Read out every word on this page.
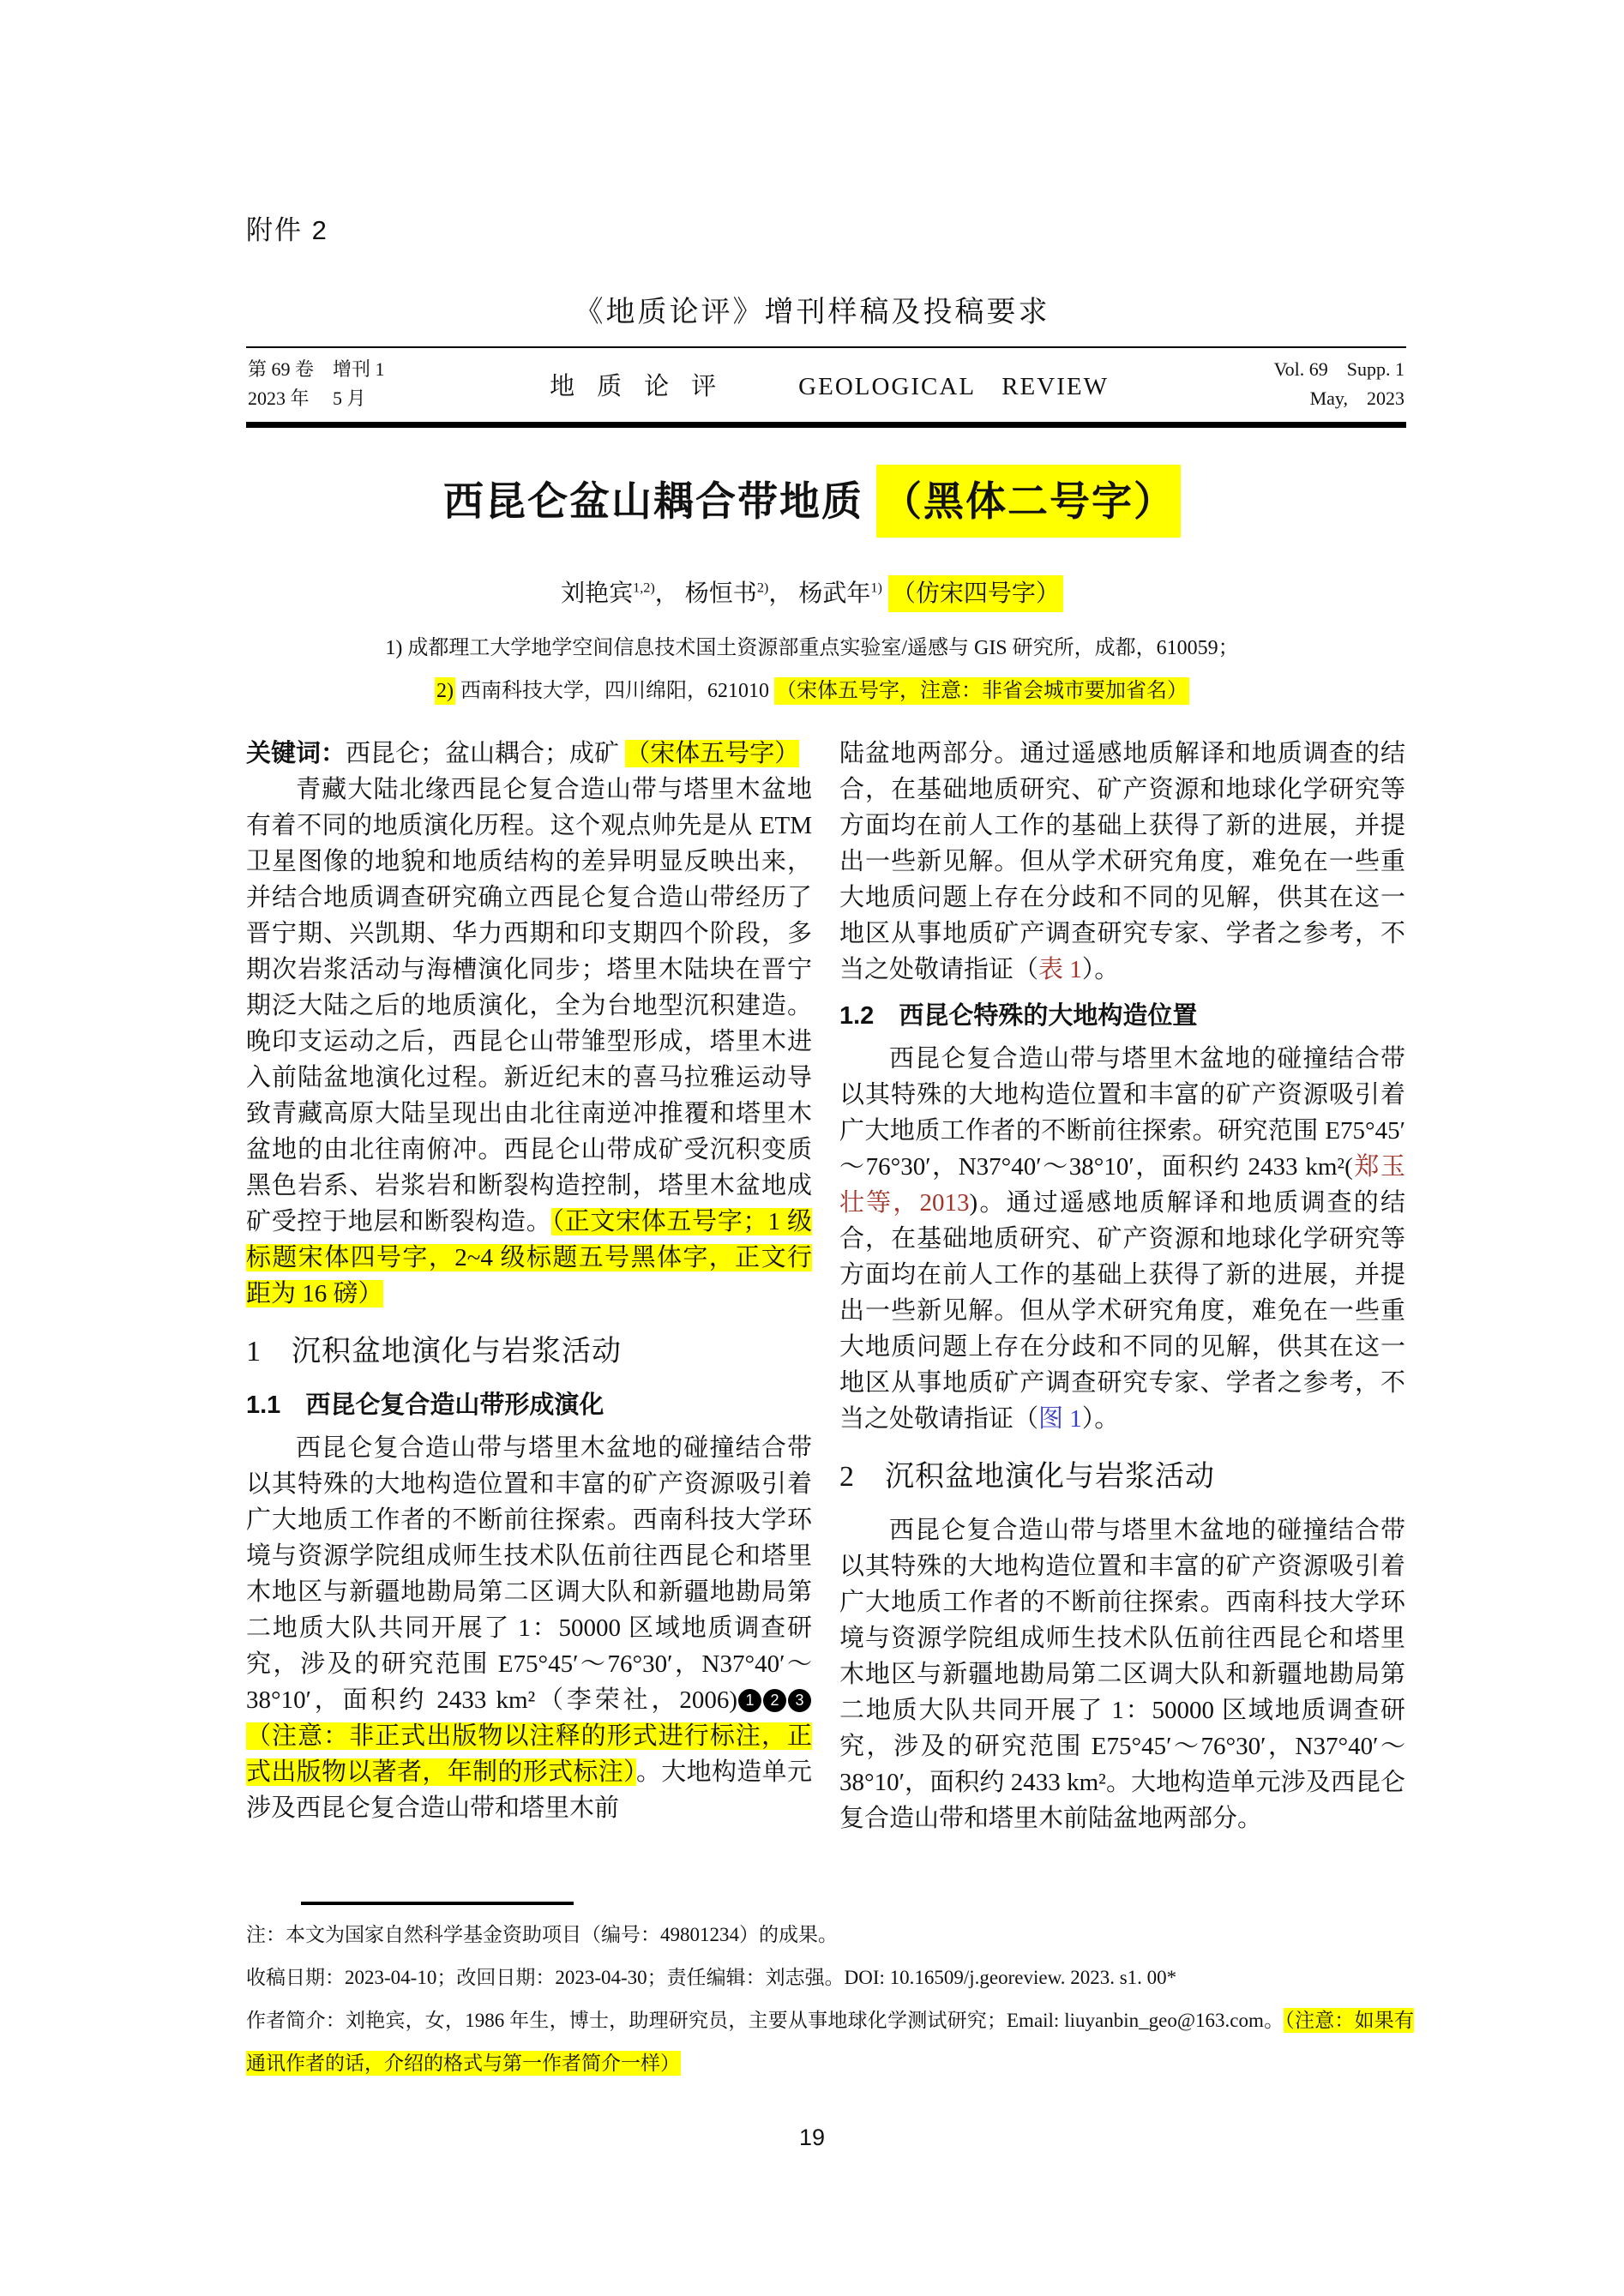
附件 2
《地质论评》增刊样稿及投稿要求
第 69 卷　增刊 1
2023 年　 5 月	地质论评 GEOLOGICAL REVIEW
Vol. 69　Supp. 1
May,　2023
西昆仑盆山耦合带地质 （黑体二号字）
刘艳宾$^{1,2)}$， 杨恒书$^{2)}$， 杨武年$^{1)}$ （仿宋四号字）
1) 成都理工大学地学空间信息技术国土资源部重点实验室/遥感与 GIS 研究所，成都，610059；
2) 西南科技大学，四川绵阳，621010 （宋体五号字，注意：非省会城市要加省名）

关键词：西昆仑；盆山耦合；成矿 （宋体五号字）

青藏大陆北缘西昆仑复合造山带与塔里木盆地有着不同的地质演化历程。这个观点帅先是从 ETM 卫星图像的地貌和地质结构的差异明显反映出来，并结合地质调查研究确立西昆仑复合造山带经历了晋宁期、兴凯期、华力西期和印支期四个阶段，多期次岩浆活动与海槽演化同步；塔里木陆块在晋宁期泛大陆之后的地质演化，全为台地型沉积建造。晚印支运动之后，西昆仑山带雏型形成，塔里木进入前陆盆地演化过程。新近纪末的喜马拉雅运动导致青藏高原大陆呈现出由北往南逆冲推覆和塔里木盆地的由北往南俯冲。西昆仑山带成矿受沉积变质黑色岩系、岩浆岩和断裂构造控制，塔里木盆地成矿受控于地层和断裂构造。（正文宋体五号字；1 级标题宋体四号字，2~4 级标题五号黑体字，正文行距为 16 磅）

1　沉积盆地演化与岩浆活动
1.1　西昆仑复合造山带形成演化

西昆仑复合造山带与塔里木盆地的碰撞结合带以其特殊的大地构造位置和丰富的矿产资源吸引着广大地质工作者的不断前往探索。西南科技大学环境与资源学院组成师生技术队伍前往西昆仑和塔里木地区与新疆地勘局第二区调大队和新疆地勘局第二地质大队共同开展了 1：50000 区域地质调查研究，涉及的研究范围 E75°45′～76°30′，N37°40′～38°10′，面积约 2433 km²（李荣社，2006) 1 2 3（注意：非正式出版物以注释的形式进行标注，正式出版物以著者，年制的形式标注）。大地构造单元涉及西昆仑复合造山带和塔里木前

陆盆地两部分。通过遥感地质解译和地质调查的结合，在基础地质研究、矿产资源和地球化学研究等方面均在前人工作的基础上获得了新的进展，并提出一些新见解。但从学术研究角度，难免在一些重大地质问题上存在分歧和不同的见解，供其在这一地区从事地质矿产调查研究专家、学者之参考，不当之处敬请指证（表 1）。

1.2　西昆仑特殊的大地构造位置

西昆仑复合造山带与塔里木盆地的碰撞结合带以其特殊的大地构造位置和丰富的矿产资源吸引着广大地质工作者的不断前往探索。研究范围 E75°45′～76°30′，N37°40′～38°10′，面积约 2433 km²(郑玉壮等，2013)。通过遥感地质解译和地质调查的结合，在基础地质研究、矿产资源和地球化学研究等方面均在前人工作的基础上获得了新的进展，并提出一些新见解。但从学术研究角度，难免在一些重大地质问题上存在分歧和不同的见解，供其在这一地区从事地质矿产调查研究专家、学者之参考，不当之处敬请指证（图 1）。

2　沉积盆地演化与岩浆活动

西昆仑复合造山带与塔里木盆地的碰撞结合带以其特殊的大地构造位置和丰富的矿产资源吸引着广大地质工作者的不断前往探索。西南科技大学环境与资源学院组成师生技术队伍前往西昆仑和塔里木地区与新疆地勘局第二区调大队和新疆地勘局第二地质大队共同开展了 1：50000 区域地质调查研究，涉及的研究范围 E75°45′～76°30′，N37°40′～38°10′，面积约 2433 km²。大地构造单元涉及西昆仑复合造山带和塔里木前陆盆地两部分。

注：本文为国家自然科学基金资助项目（编号：49801234）的成果。
收稿日期：2023-04-10；改回日期：2023-04-30；责任编辑：刘志强。DOI: 10.16509/j.georeview. 2023. s1. 00*
作者简介：刘艳宾，女，1986 年生，博士，助理研究员，主要从事地球化学测试研究；Email: liuyanbin_geo@163.com。（注意：如果有通讯作者的话，介绍的格式与第一作者简介一样）
19
